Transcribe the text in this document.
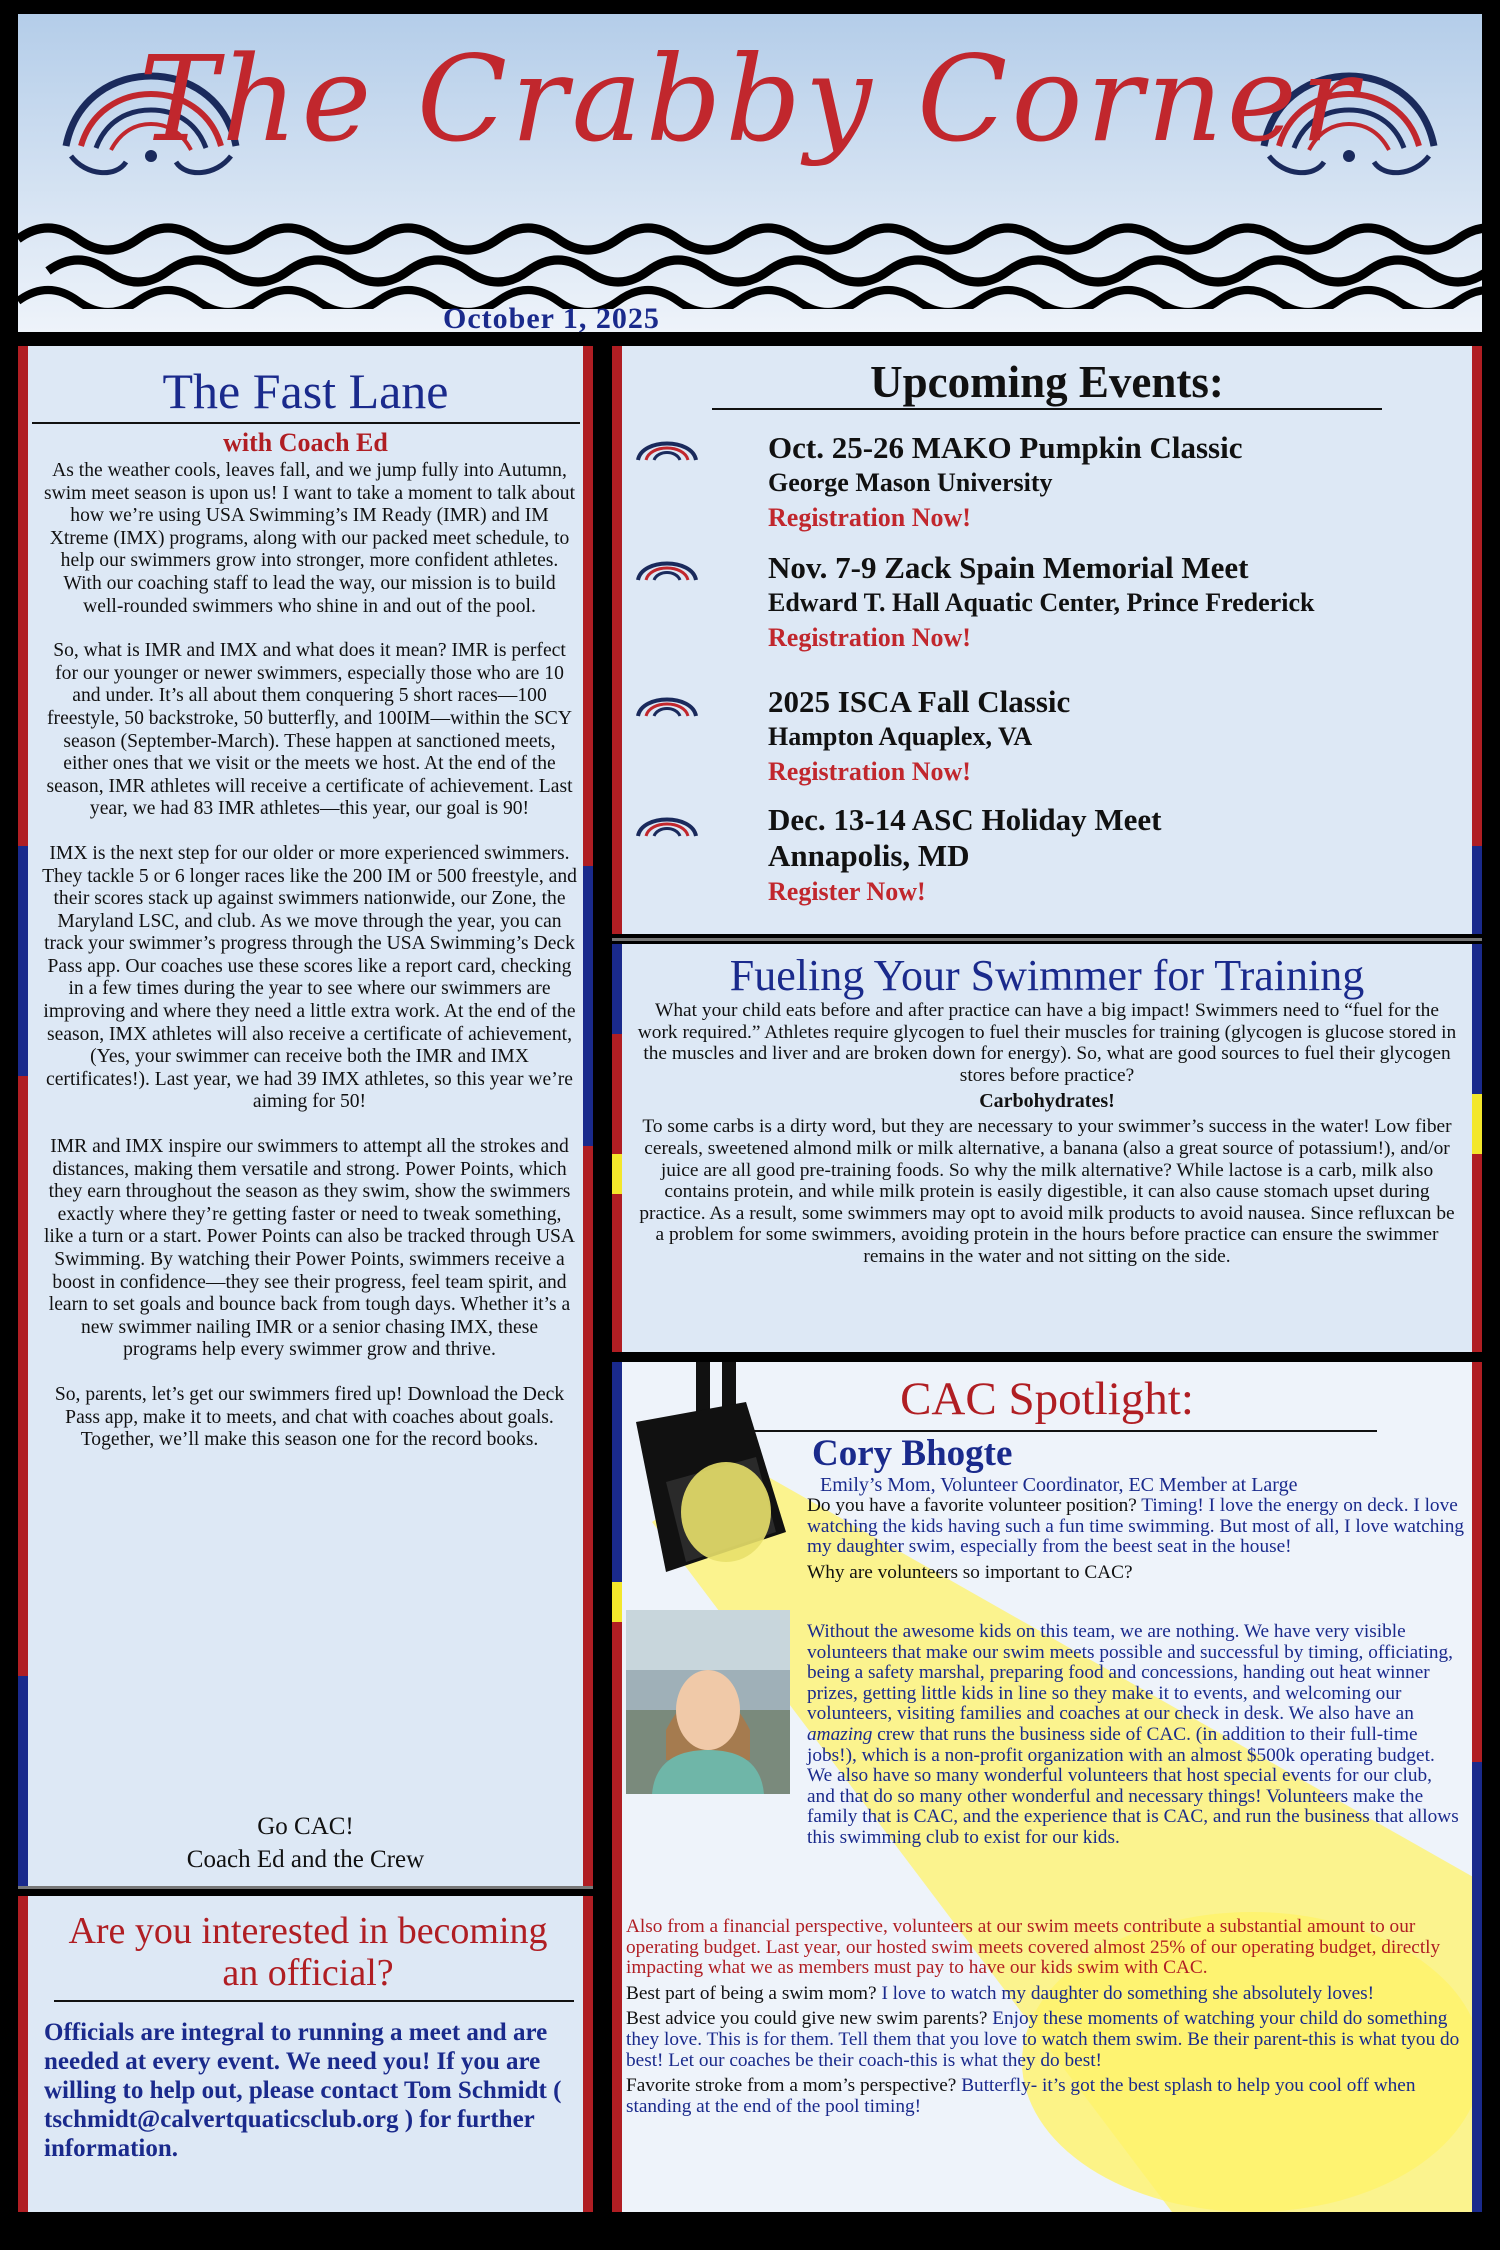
The Crabby Corner
October 1, 2025
The Fast Lane
with Coach Ed

As the weather cools, leaves fall, and we jump fully into Autumn, swim meet season is upon us! I want to take a moment to talk about how we’re using USA Swimming’s IM Ready (IMR) and IM Xtreme (IMX) programs, along with our packed meet schedule, to help our swimmers grow into stronger, more confident athletes. With our coaching staff to lead the way, our mission is to build well-rounded swimmers who shine in and out of the pool.

So, what is IMR and IMX and what does it mean? IMR is perfect for our younger or newer swimmers, especially those who are 10 and under. It’s all about them conquering 5 short races—100 freestyle, 50 backstroke, 50 butterfly, and 100IM—within the SCY season (September-March). These happen at sanctioned meets, either ones that we visit or the meets we host. At the end of the season, IMR athletes will receive a certificate of achievement. Last year, we had 83 IMR athletes—this year, our goal is 90!

IMX is the next step for our older or more experienced swimmers. They tackle 5 or 6 longer races like the 200 IM or 500 freestyle, and their scores stack up against swimmers nationwide, our Zone, the Maryland LSC, and club. As we move through the year, you can track your swimmer’s progress through the USA Swimming’s Deck Pass app. Our coaches use these scores like a report card, checking in a few times during the year to see where our swimmers are improving and where they need a little extra work. At the end of the season, IMX athletes will also receive a certificate of achievement, (Yes, your swimmer can receive both the IMR and IMX certificates!). Last year, we had 39 IMX athletes, so this year we’re aiming for 50!

IMR and IMX inspire our swimmers to attempt all the strokes and distances, making them versatile and strong. Power Points, which they earn throughout the season as they swim, show the swimmers exactly where they’re getting faster or need to tweak something, like a turn or a start. Power Points can also be tracked through USA Swimming. By watching their Power Points, swimmers receive a boost in confidence—they see their progress, feel team spirit, and learn to set goals and bounce back from tough days. Whether it’s a new swimmer nailing IMR or a senior chasing IMX, these programs help every swimmer grow and thrive.

So, parents, let’s get our swimmers fired up! Download the Deck Pass app, make it to meets, and chat with coaches about goals. Together, we’ll make this season one for the record books.

Go CAC!
Coach Ed and the Crew
Are you interested in becoming an official?
Officials are integral to running a meet and are needed at every event. We need you! If you are willing to help out, please contact Tom Schmidt ( tschmidt@calvertquaticsclub.org ) for further information.
Upcoming Events:
Oct. 25-26 MAKO Pumpkin Classic
George Mason University
Registration Now!
Nov. 7-9 Zack Spain Memorial Meet
Edward T. Hall Aquatic Center, Prince Frederick
Registration Now!
2025 ISCA Fall Classic
Hampton Aquaplex, VA
Registration Now!
Dec. 13-14 ASC Holiday Meet
Annapolis, MD
Register Now!
Fueling Your Swimmer for Training

What your child eats before and after practice can have a big impact! Swimmers need to “fuel for the work required.” Athletes require glycogen to fuel their muscles for training (glycogen is glucose stored in the muscles and liver and are broken down for energy). So, what are good sources to fuel their glycogen stores before practice?

Carbohydrates!

To some carbs is a dirty word, but they are necessary to your swimmer’s success in the water! Low fiber cereals, sweetened almond milk or milk alternative, a banana (also a great source of potassium!), and/or juice are all good pre-training foods. So why the milk alternative? While lactose is a carb, milk also contains protein, and while milk protein is easily digestible, it can also cause stomach upset during practice. As a result, some swimmers may opt to avoid milk products to avoid nausea. Since refluxcan be a problem for some swimmers, avoiding protein in the hours before practice can ensure the swimmer remains in the water and not sitting on the side.

CAC Spotlight:
Cory Bhogte
Emily’s Mom, Volunteer Coordinator, EC Member at Large

Do you have a favorite volunteer position? Timing! I love the energy on deck. I love watching the kids having such a fun time swimming. But most of all, I love watching my daughter swim, especially from the beest seat in the house!

Why are volunteers so important to CAC?

Without the awesome kids on this team, we are nothing. We have very visible volunteers that make our swim meets possible and successful by timing, officiating, being a safety marshal, preparing food and concessions, handing out heat winner prizes, getting little kids in line so they make it to events, and welcoming our volunteers, visiting families and coaches at our check in desk. We also have an amazing crew that runs the business side of CAC. (in addition to their full-time jobs!), which is a non-profit organization with an almost $500k operating budget. We also have so many wonderful volunteers that host special events for our club, and that do so many other wonderful and necessary things! Volunteers make the family that is CAC, and the experience that is CAC, and run the business that allows this swimming club to exist for our kids.

Also from a financial perspective, volunteers at our swim meets contribute a substantial amount to our operating budget. Last year, our hosted swim meets covered almost 25% of our operating budget, directly impacting what we as members must pay to have our kids swim with CAC.

Best part of being a swim mom? I love to watch my daughter do something she absolutely loves!

Best advice you could give new swim parents? Enjoy these moments of watching your child do something they love. This is for them. Tell them that you love to watch them swim. Be their parent-this is what tyou do best! Let our coaches be their coach-this is what they do best!

Favorite stroke from a mom’s perspective? Butterfly- it’s got the best splash to help you cool off when standing at the end of the pool timing!
